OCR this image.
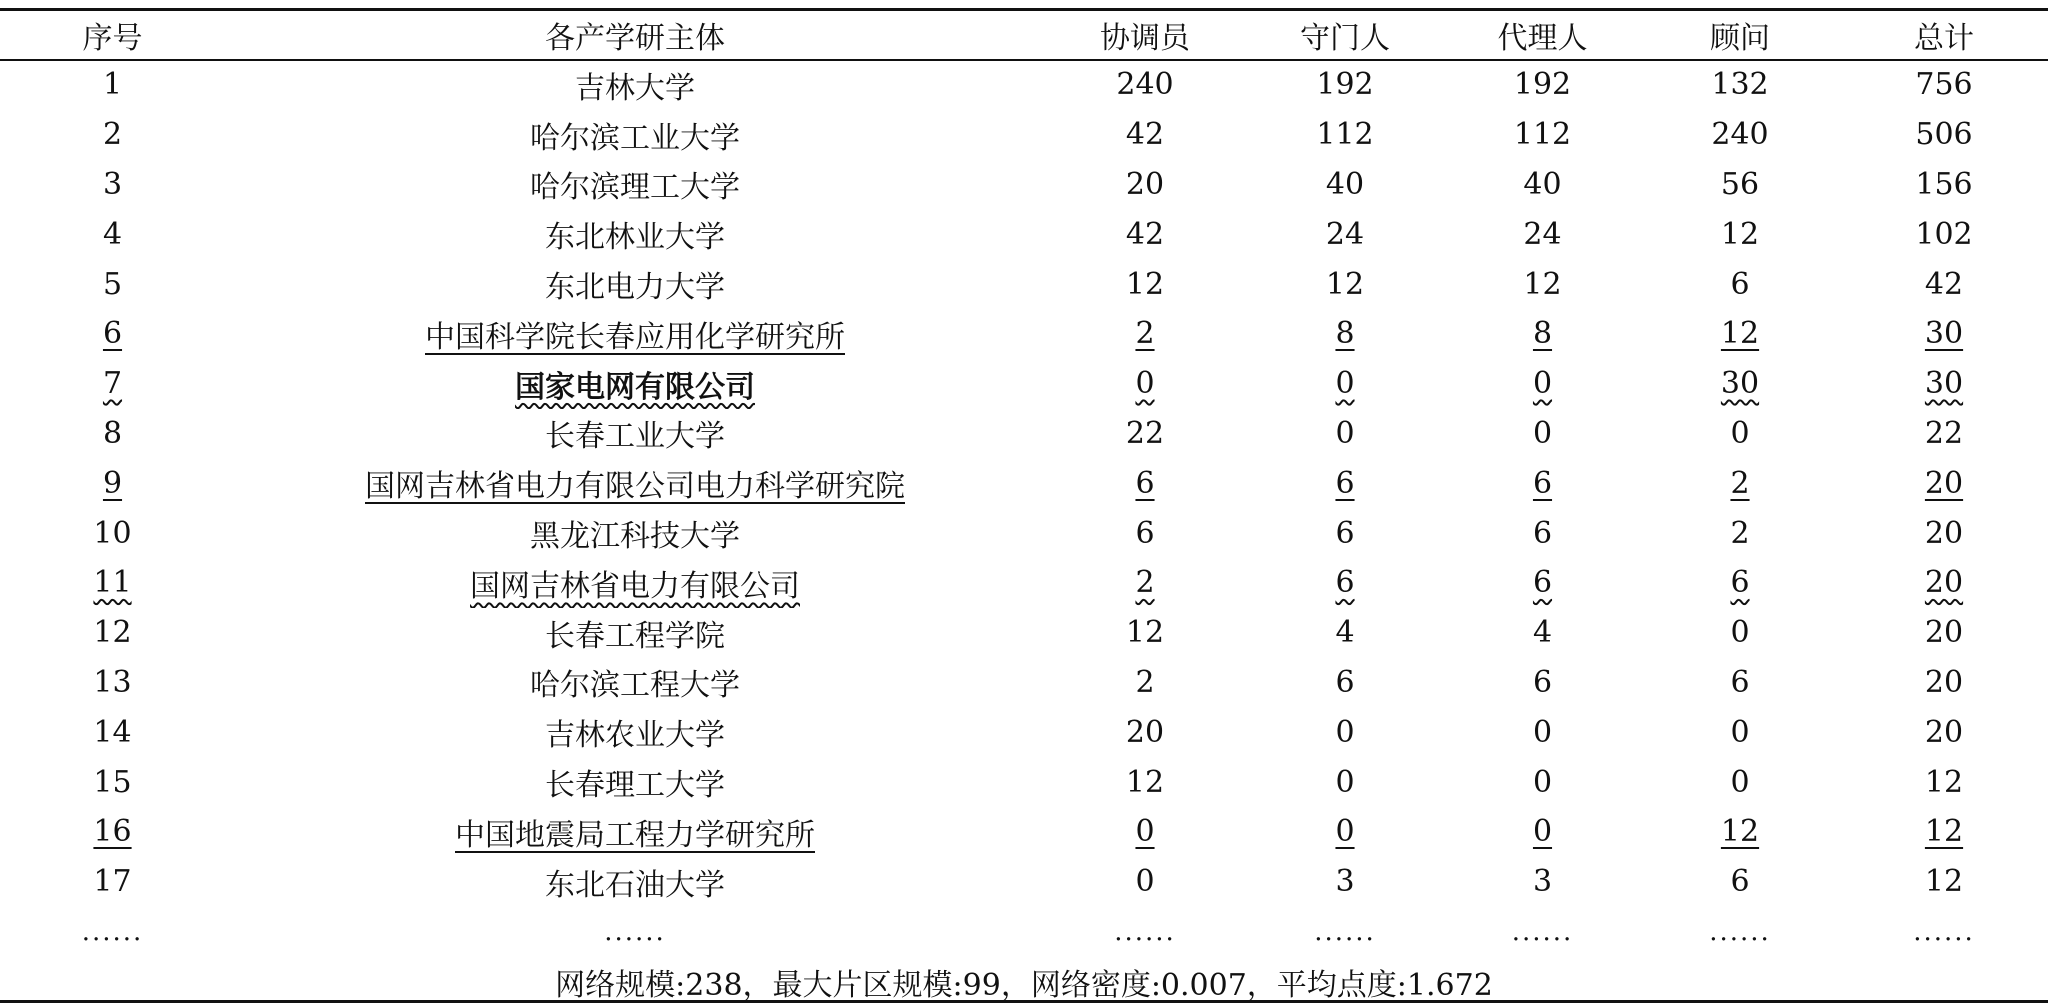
序号	各产学研主体	协调员	守门人	代理人	顾问	总计
1	吉林大学	240	192	192	132	756
2	哈尔滨工业大学	42	112	112	240	506
3	哈尔滨理工大学	20	40	40	56	156
4	东北林业大学	42	24	24	12	102
5	东北电力大学	12	12	12	6	42
6	中国科学院长春应用化学研究所	2	8	8	12	30
7	国家电网有限公司	0	0	0	30	30
8	长春工业大学	22	0	0	0	22
9	国网吉林省电力有限公司电力科学研究院	6	6	6	2	20
10	黑龙江科技大学	6	6	6	2	20
11	国网吉林省电力有限公司	2	6	6	6	20
12	长春工程学院	12	4	4	0	20
13	哈尔滨工程大学	2	6	6	6	20
14	吉林农业大学	20	0	0	0	20
15	长春理工大学	12	0	0	0	12
16	中国地震局工程力学研究所	0	0	0	12	12
17	东北石油大学	0	3	3	6	12
......	......	......	......	......	......	......
网络规模:238，最大片区规模:99，网络密度:0.007，平均点度:1.672						
